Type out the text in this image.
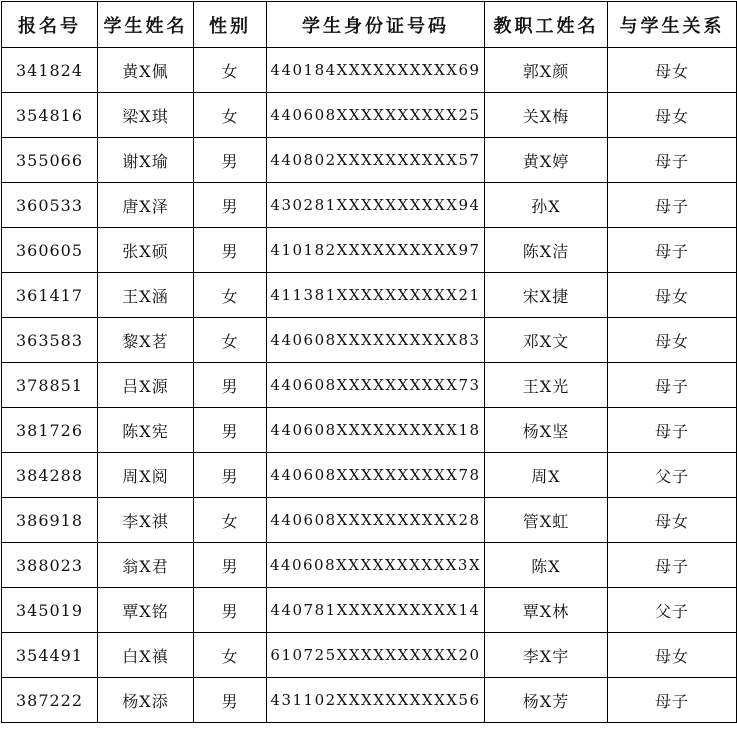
报名号	学生姓名	性别	学生身份证号码	教职工姓名	与学生关系
341824	黄X佩	女	440184XXXXXXXXXX69	郭X颜	母女
354816	梁X琪	女	440608XXXXXXXXXX25	关X梅	母女
355066	谢X瑜	男	440802XXXXXXXXXX57	黄X婷	母子
360533	唐X泽	男	430281XXXXXXXXXX94	孙X	母子
360605	张X硕	男	410182XXXXXXXXXX97	陈X洁	母子
361417	王X涵	女	411381XXXXXXXXXX21	宋X捷	母女
363583	黎X茗	女	440608XXXXXXXXXX83	邓X文	母女
378851	吕X源	男	440608XXXXXXXXXX73	王X光	母子
381726	陈X宪	男	440608XXXXXXXXXX18	杨X坚	母子
384288	周X阅	男	440608XXXXXXXXXX78	周X	父子
386918	李X祺	女	440608XXXXXXXXXX28	管X虹	母女
388023	翁X君	男	440608XXXXXXXXXX3X	陈X	母子
345019	覃X铭	男	440781XXXXXXXXXX14	覃X林	父子
354491	白X禛	女	610725XXXXXXXXXX20	李X宇	母女
387222	杨X添	男	431102XXXXXXXXXX56	杨X芳	母子
